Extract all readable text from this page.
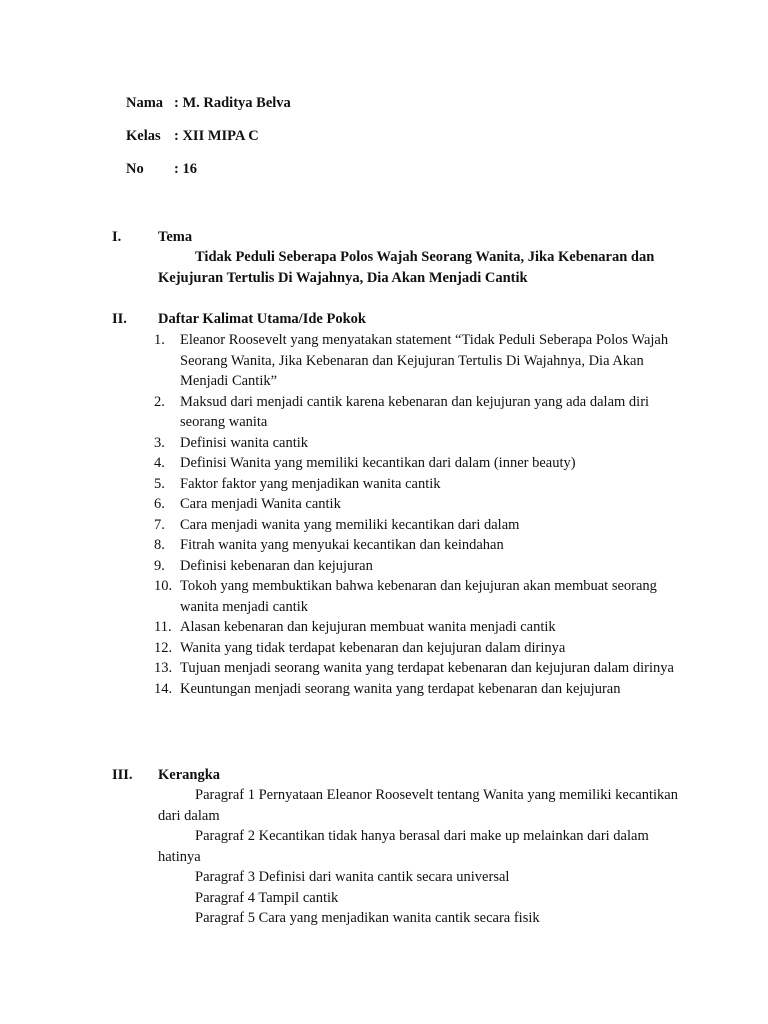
Nama : M. Raditya Belva
Kelas : XII MIPA C
No : 16
I.	Tema
Tidak Peduli Seberapa Polos Wajah Seorang Wanita, Jika Kebenaran dan Kejujuran Tertulis Di Wajahnya, Dia Akan Menjadi Cantik
II. Daftar Kalimat Utama/Ide Pokok
1.	Eleanor Roosevelt yang menyatakan statement “Tidak Peduli Seberapa Polos Wajah Seorang Wanita, Jika Kebenaran dan Kejujuran Tertulis Di Wajahnya, Dia Akan Menjadi Cantik”
2.	Maksud dari menjadi cantik karena kebenaran dan kejujuran yang ada dalam diri seorang wanita
3.	Definisi wanita cantik
4.	Definisi Wanita yang memiliki kecantikan dari dalam (inner beauty)
5.	Faktor faktor yang menjadikan wanita cantik
6.	Cara menjadi Wanita cantik
7.	Cara menjadi wanita yang memiliki kecantikan dari dalam
8.	Fitrah wanita yang menyukai kecantikan dan keindahan
9.	Definisi kebenaran dan kejujuran
10. Tokoh yang membuktikan bahwa kebenaran dan kejujuran akan membuat seorang wanita menjadi cantik
11. Alasan kebenaran dan kejujuran membuat wanita menjadi cantik
12. Wanita yang tidak terdapat kebenaran dan kejujuran dalam dirinya
13. Tujuan menjadi seorang wanita yang terdapat kebenaran dan kejujuran dalam dirinya
14. Keuntungan menjadi seorang wanita yang terdapat kebenaran dan kejujuran
III. Kerangka

Paragraf 1 Pernyataan Eleanor Roosevelt tentang Wanita yang memiliki kecantikan dari dalam

Paragraf 2 Kecantikan tidak hanya berasal dari make up melainkan dari dalam hatinya

Paragraf 3 Definisi dari wanita cantik secara universal

Paragraf 4 Tampil cantik

Paragraf 5 Cara yang menjadikan wanita cantik secara fisik
